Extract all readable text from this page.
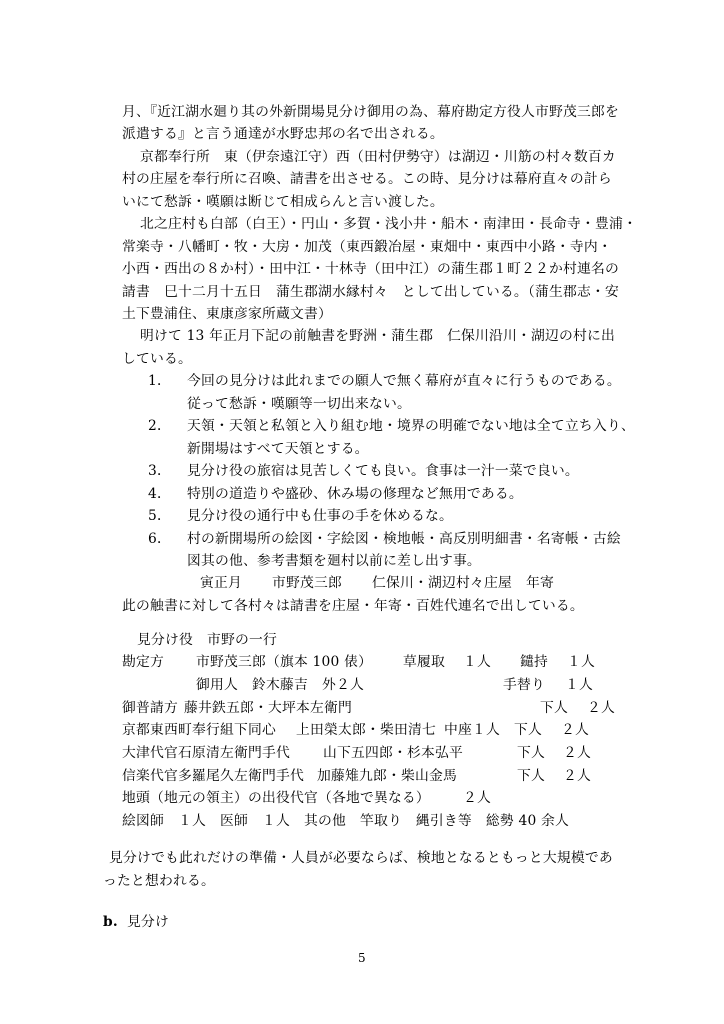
月、『近江湖水廻り其の外新開場見分け御用の為、幕府勘定方役人市野茂三郎を
派遣する』と言う通達が水野忠邦の名で出される。
京都奉行所　東（伊奈遠江守）西（田村伊勢守）は湖辺・川筋の村々数百カ
村の庄屋を奉行所に召喚、請書を出させる。この時、見分けは幕府直々の計ら
いにて愁訴・嘆願は断じて相成らんと言い渡した。
北之庄村も白部（白王）・円山・多賀・浅小井・船木・南津田・長命寺・豊浦・
常楽寺・八幡町・牧・大房・加茂（東西鍛冶屋・東畑中・東西中小路・寺内・
小西・西出の８か村）・田中江・十林寺（田中江）の蒲生郡１町２２か村連名の
請書　巳十二月十五日　蒲生郡湖水縁村々　として出している。（蒲生郡志・安
土下豊浦住、東康彦家所蔵文書）
明けて 13 年正月下記の前触書を野洲・蒲生郡　仁保川沿川・湖辺の村に出
している。
1． 今回の見分けは此れまでの願人で無く幕府が直々に行うものである。
従って愁訴・嘆願等一切出来ない。
2． 天領・天領と私領と入り組む地・境界の明確でない地は全て立ち入り、
新開場はすべて天領とする。
3． 見分け役の旅宿は見苦しくても良い。食事は一汁一菜で良い。
4． 特別の道造りや盛砂、休み場の修理など無用である。
5． 見分け役の通行中も仕事の手を休めるな。
6． 村の新開場所の絵図・字絵図・検地帳・高反別明細書・名寄帳・古絵
図其の他、参考書類を廻村以前に差し出す事。
寅正月 市野茂三郎 仁保川・湖辺村々庄屋　年寄
此の触書に対して各村々は請書を庄屋・年寄・百姓代連名で出している。
見分け役　市野の一行
勘定方 市野茂三郎（旗本 100 俵） 草履取 １人 鑓持 １人
御用人　鈴木藤吉　外２人	手替り １人
御普請方 藤井鉄五郎・大坪本左衛門	下人 ２人
京都東西町奉行組下同心 上田榮太郎・柴田清七 中座 １人 下人 ２人
大津代官石原清左衛門手代 山下五四郎・杉本弘平	下人 ２人
信楽代官多羅尾久左衛門手代 加藤雉九郎・柴山金馬	下人 ２人
地頭（地元の領主）の出役代官（各地で異なる） ２人
絵図師　１人　医師　１人　其の他　竿取り　縄引き等　総勢 40 余人
見分けでも此れだけの準備・人員が必要ならば、検地となるともっと大規模であ
ったと想われる。
b. 見分け
5
